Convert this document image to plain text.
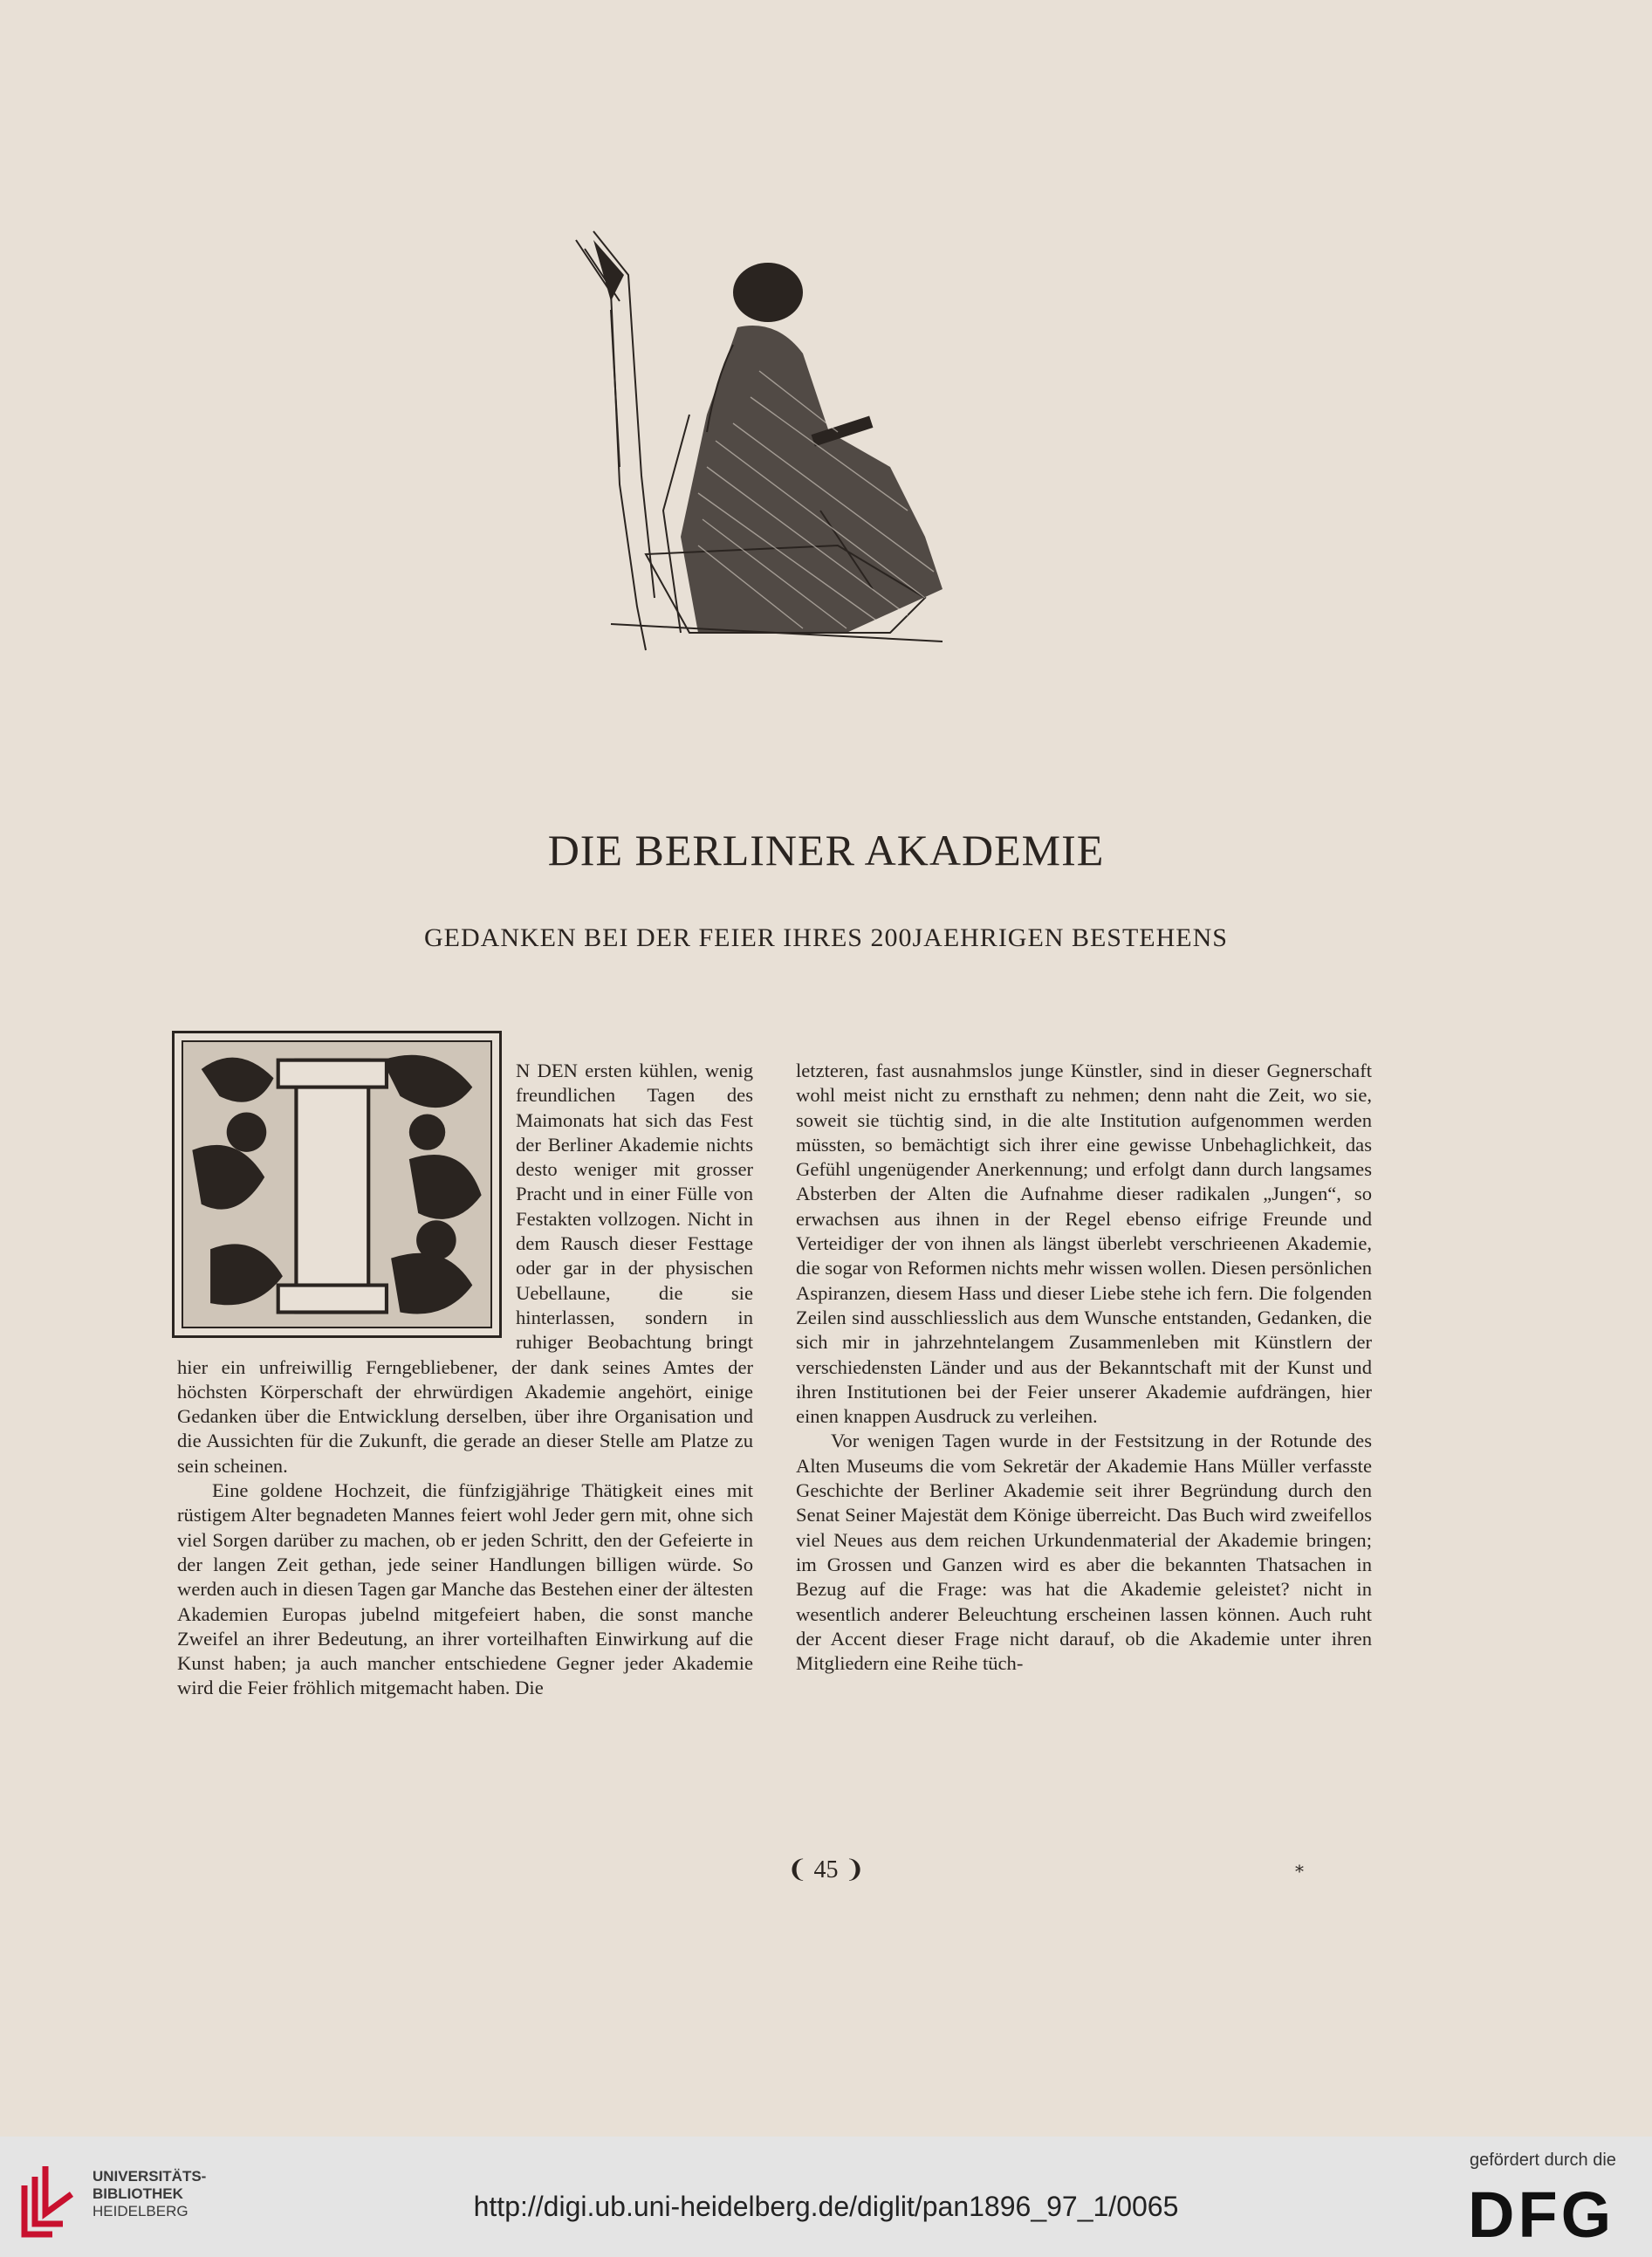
DIE BERLINER AKADEMIE
GEDANKEN BEI DER FEIER IHRES 200JAEHRIGEN BESTEHENS

N DEN ersten kühlen, wenig freundlichen Tagen des Maimonats hat sich das Fest der Berliner Akademie nichts desto weniger mit grosser Pracht und in einer Fülle von Festakten vollzogen. Nicht in dem Rausch dieser Festtage oder gar in der physischen Uebellaune, die sie hinterlassen, sondern in ruhiger Beobachtung bringt hier ein unfreiwillig Ferngebliebener, der dank seines Amtes der höchsten Körperschaft der ehrwürdigen Akademie angehört, einige Gedanken über die Entwicklung derselben, über ihre Organisation und die Aussichten für die Zukunft, die gerade an dieser Stelle am Platze zu sein scheinen.

Eine goldene Hochzeit, die fünfzigjährige Thätigkeit eines mit rüstigem Alter begnadeten Mannes feiert wohl Jeder gern mit, ohne sich viel Sorgen darüber zu machen, ob er jeden Schritt, den der Gefeierte in der langen Zeit gethan, jede seiner Handlungen billigen würde. So werden auch in diesen Tagen gar Manche das Bestehen einer der ältesten Akademien Europas jubelnd mitgefeiert haben, die sonst manche Zweifel an ihrer Bedeutung, an ihrer vorteilhaften Einwirkung auf die Kunst haben; ja auch mancher entschiedene Gegner jeder Akademie wird die Feier fröhlich mitgemacht haben. Die

letzteren, fast ausnahmslos junge Künstler, sind in dieser Gegnerschaft wohl meist nicht zu ernsthaft zu nehmen; denn naht die Zeit, wo sie, soweit sie tüchtig sind, in die alte Institution aufgenommen werden müssten, so bemächtigt sich ihrer eine gewisse Unbehaglichkeit, das Gefühl ungenügender Anerkennung; und erfolgt dann durch langsames Absterben der Alten die Aufnahme dieser radikalen „Jungen“, so erwachsen aus ihnen in der Regel ebenso eifrige Freunde und Verteidiger der von ihnen als längst überlebt verschrieenen Akademie, die sogar von Reformen nichts mehr wissen wollen. Diesen persönlichen Aspiranzen, diesem Hass und dieser Liebe stehe ich fern. Die folgenden Zeilen sind ausschliesslich aus dem Wunsche entstanden, Gedanken, die sich mir in jahrzehntelangem Zusammenleben mit Künstlern der verschiedensten Länder und aus der Bekanntschaft mit der Kunst und ihren Institutionen bei der Feier unserer Akademie aufdrängen, hier einen knappen Ausdruck zu verleihen.

Vor wenigen Tagen wurde in der Festsitzung in der Rotunde des Alten Museums die vom Sekretär der Akademie Hans Müller verfasste Geschichte der Berliner Akademie seit ihrer Begründung durch den Senat Seiner Majestät dem Könige überreicht. Das Buch wird zweifellos viel Neues aus dem reichen Urkundenmaterial der Akademie bringen; im Grossen und Ganzen wird es aber die bekannten Thatsachen in Bezug auf die Frage: was hat die Akademie geleistet? nicht in wesentlich anderer Beleuchtung erscheinen lassen können. Auch ruht der Accent dieser Frage nicht darauf, ob die Akademie unter ihren Mitgliedern eine Reihe tüch-

❨ 45 ❩	*
UNIVERSITÄTS-
BIBLIOTHEK
HEIDELBERG	http://digi.ub.uni-heidelberg.de/diglit/pan1896_97_1/0065
gefördert durch die
DFG
